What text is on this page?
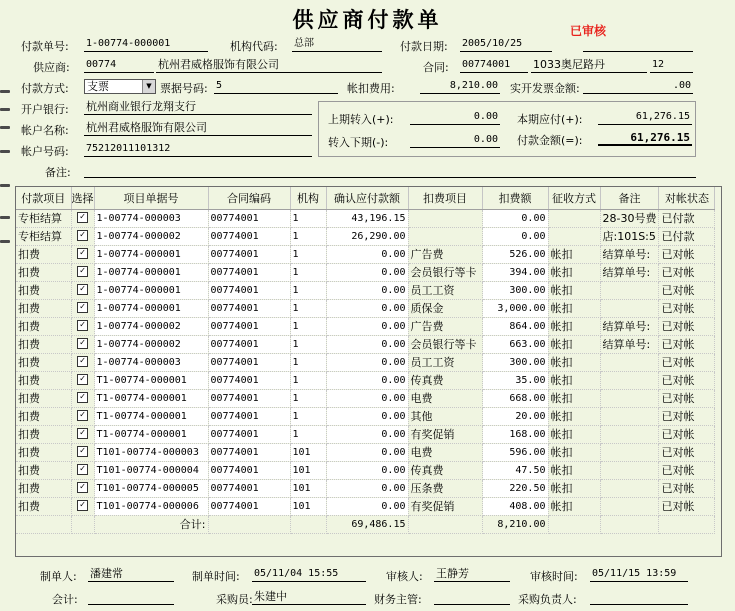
供应商付款单	已审核
付款单号: 1-00774-000001	机构代码: 总部	付款日期: 2005/10/25
供应商: 00774	杭州君威格服饰有限公司	合同: 00774001	1033奥尼路丹	12
付款方式: 支票	▼ 票据号码: 5	帐扣费用:	8,210.00 实开发票金额:	.00
开户银行: 杭州商业银行龙翔支行
帐户名称: 杭州君威格服饰有限公司
帐户号码: 75212011101312
备注:
上期转入(+):	0.00
转入下期(-):	0.00
本期应付(+):	61,276.15
付款金额(=):	61,276.15
付款项目	选择	项目单据号	合同编码	机构	确认应付款额	扣费项目	扣费额	征收方式	备注	对帐状态
专柜结算	✓	1-00774-000003	00774001	1	43,196.15		0.00		28-30号费	已付款
专柜结算	✓	1-00774-000002	00774001	1	26,290.00		0.00		店:101S:5	已付款
扣费	✓	1-00774-000001	00774001	1	0.00	广告费	526.00	帐扣	结算单号:	已对帐
扣费	✓	1-00774-000001	00774001	1	0.00	会员银行等卡	394.00	帐扣	结算单号:	已对帐
扣费	✓	1-00774-000001	00774001	1	0.00	员工工资	300.00	帐扣		已对帐
扣费	✓	1-00774-000001	00774001	1	0.00	质保金	3,000.00	帐扣		已对帐
扣费	✓	1-00774-000002	00774001	1	0.00	广告费	864.00	帐扣	结算单号:	已对帐
扣费	✓	1-00774-000002	00774001	1	0.00	会员银行等卡	663.00	帐扣	结算单号:	已对帐
扣费	✓	1-00774-000003	00774001	1	0.00	员工工资	300.00	帐扣		已对帐
扣费	✓	T1-00774-000001	00774001	1	0.00	传真费	35.00	帐扣		已对帐
扣费	✓	T1-00774-000001	00774001	1	0.00	电费	668.00	帐扣		已对帐
扣费	✓	T1-00774-000001	00774001	1	0.00	其他	20.00	帐扣		已对帐
扣费	✓	T1-00774-000001	00774001	1	0.00	有奖促销	168.00	帐扣		已对帐
扣费	✓	T101-00774-000003	00774001	101	0.00	电费	596.00	帐扣		已对帐
扣费	✓	T101-00774-000004	00774001	101	0.00	传真费	47.50	帐扣		已对帐
扣费	✓	T101-00774-000005	00774001	101	0.00	压条费	220.50	帐扣		已对帐
扣费	✓	T101-00774-000006	00774001	101	0.00	有奖促销	408.00	帐扣		已对帐
		合计:			69,486.15		8,210.00			
制单人: 潘建常	制单时间: 05/11/04 15:55	审核人: 王静芳	审核时间: 05/11/15 13:59
会计:	采购员: 朱建中	财务主管:	采购负责人:
